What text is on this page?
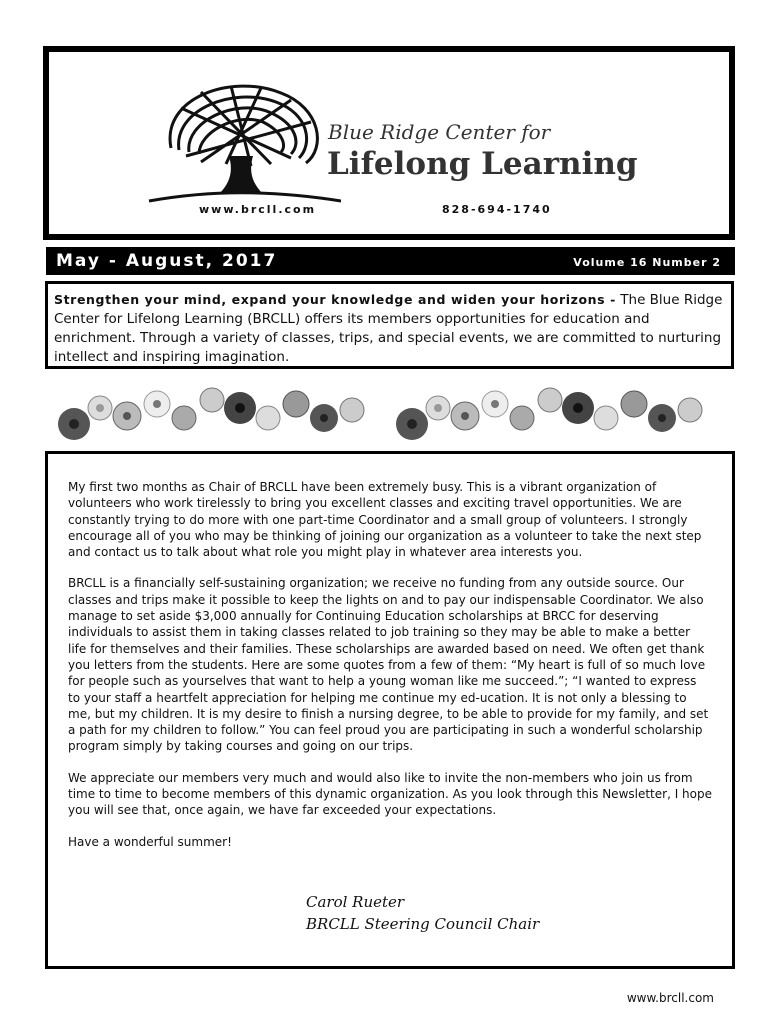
Blue Ridge Center for
Lifelong Learning
www.brcll.com	828-694-1740
May - August, 2017	Volume 16 Number 2
Strengthen your mind, expand your knowledge and widen your horizons - The Blue Ridge Center for Lifelong Learning (BRCLL) offers its members opportunities for education and enrichment. Through a variety of classes, trips, and special events, we are committed to nurturing intellect and inspiring imagination.

My first two months as Chair of BRCLL have been extremely busy. This is a vibrant organization of volunteers who work tirelessly to bring you excellent classes and exciting travel opportunities. We are constantly trying to do more with one part-time Coordinator and a small group of volunteers. I strongly encourage all of you who may be thinking of joining our organization as a volunteer to take the next step and contact us to talk about what role you might play in whatever area interests you.

BRCLL is a financially self-sustaining organization; we receive no funding from any outside source. Our classes and trips make it possible to keep the lights on and to pay our indispensable Coordinator. We also manage to set aside $3,000 annually for Continuing Education scholarships at BRCC for deserving individuals to assist them in taking classes related to job training so they may be able to make a better life for themselves and their families. These scholarships are awarded based on need. We often get thank you letters from the students. Here are some quotes from a few of them: “My heart is full of so much love for people such as yourselves that want to help a young woman like me succeed.”; “I wanted to express to your staff a heartfelt appreciation for helping me continue my ed-ucation. It is not only a blessing to me, but my children. It is my desire to finish a nursing degree, to be able to provide for my family, and set a path for my children to follow.” You can feel proud you are participating in such a wonderful scholarship program simply by taking courses and going on our trips.

We appreciate our members very much and would also like to invite the non-members who join us from time to time to become members of this dynamic organization. As you look through this Newsletter, I hope you will see that, once again, we have far exceeded your expectations.

Have a wonderful summer!

Carol Rueter
BRCLL Steering Council Chair
www.brcll.com
